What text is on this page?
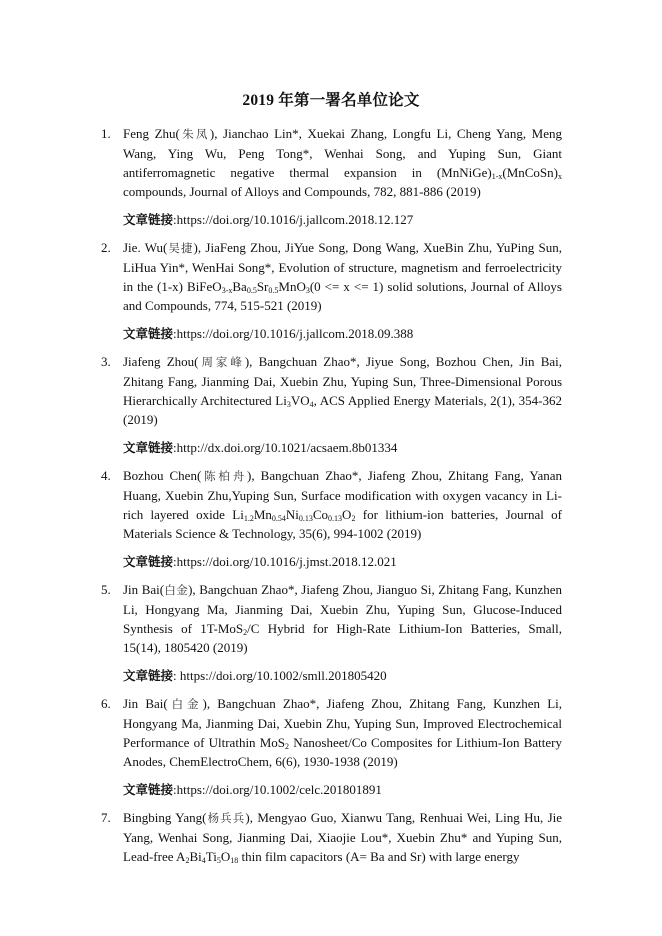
2019 年第一署名单位论文
1. Feng Zhu(朱凤), Jianchao Lin*, Xuekai Zhang, Longfu Li, Cheng Yang, Meng Wang, Ying Wu, Peng Tong*, Wenhai Song, and Yuping Sun, Giant antiferromagnetic negative thermal expansion in $(MnNiGe)_{1-x}(MnCoSn)_x$ compounds, Journal of Alloys and Compounds, 782, 881-886 (2019)

文章链接:https://doi.org/10.1016/j.jallcom.2018.12.127

2. Jie. Wu(吴捷), JiaFeng Zhou, JiYue Song, Dong Wang, XueBin Zhu, YuPing Sun, LiHua Yin*, WenHai Song*, Evolution of structure, magnetism and ferroelectricity in the (1-x) $BiFeO_{3-x}Ba_{0.5}Sr_{0.5}MnO_3(0 <= x <= 1)$ solid solutions, Journal of Alloys and Compounds, 774, 515-521 (2019)

文章链接:https://doi.org/10.1016/j.jallcom.2018.09.388

3. Jiafeng Zhou(周家峰), Bangchuan Zhao*, Jiyue Song, Bozhou Chen, Jin Bai, Zhitang Fang, Jianming Dai, Xuebin Zhu, Yuping Sun, Three-Dimensional Porous Hierarchically Architectured $Li_3VO_4$, ACS Applied Energy Materials, 2(1), 354-362 (2019)

文章链接:http://dx.doi.org/10.1021/acsaem.8b01334

4. Bozhou Chen(陈柏舟), Bangchuan Zhao*, Jiafeng Zhou, Zhitang Fang, Yanan Huang, Xuebin Zhu,Yuping Sun, Surface modification with oxygen vacancy in Li-rich layered oxide $Li_{1.2}Mn_{0.54}Ni_{0.13}Co_{0.13}O_2$ for lithium-ion batteries, Journal of Materials Science & Technology, 35(6), 994-1002 (2019)

文章链接:https://doi.org/10.1016/j.jmst.2018.12.021

5. Jin Bai(白金), Bangchuan Zhao*, Jiafeng Zhou, Jianguo Si, Zhitang Fang, Kunzhen Li, Hongyang Ma, Jianming Dai, Xuebin Zhu, Yuping Sun, Glucose-Induced Synthesis of 1T-MoS$_2$/C Hybrid for High-Rate Lithium-Ion Batteries, Small, 15(14), 1805420 (2019)

文章链接: https://doi.org/10.1002/smll.201805420

6. Jin Bai(白金), Bangchuan Zhao*, Jiafeng Zhou, Zhitang Fang, Kunzhen Li, Hongyang Ma, Jianming Dai, Xuebin Zhu, Yuping Sun, Improved Electrochemical Performance of Ultrathin MoS$_2$ Nanosheet/Co Composites for Lithium-Ion Battery Anodes, ChemElectroChem, 6(6), 1930-1938 (2019)

文章链接:https://doi.org/10.1002/celc.201801891

7. Bingbing Yang(杨兵兵), Mengyao Guo, Xianwu Tang, Renhuai Wei, Ling Hu, Jie Yang, Wenhai Song, Jianming Dai, Xiaojie Lou*, Xuebin Zhu* and Yuping Sun, Lead-free $A_2Bi_4Ti_5O_{18}$ thin film capacitors (A= Ba and Sr) with large energy
